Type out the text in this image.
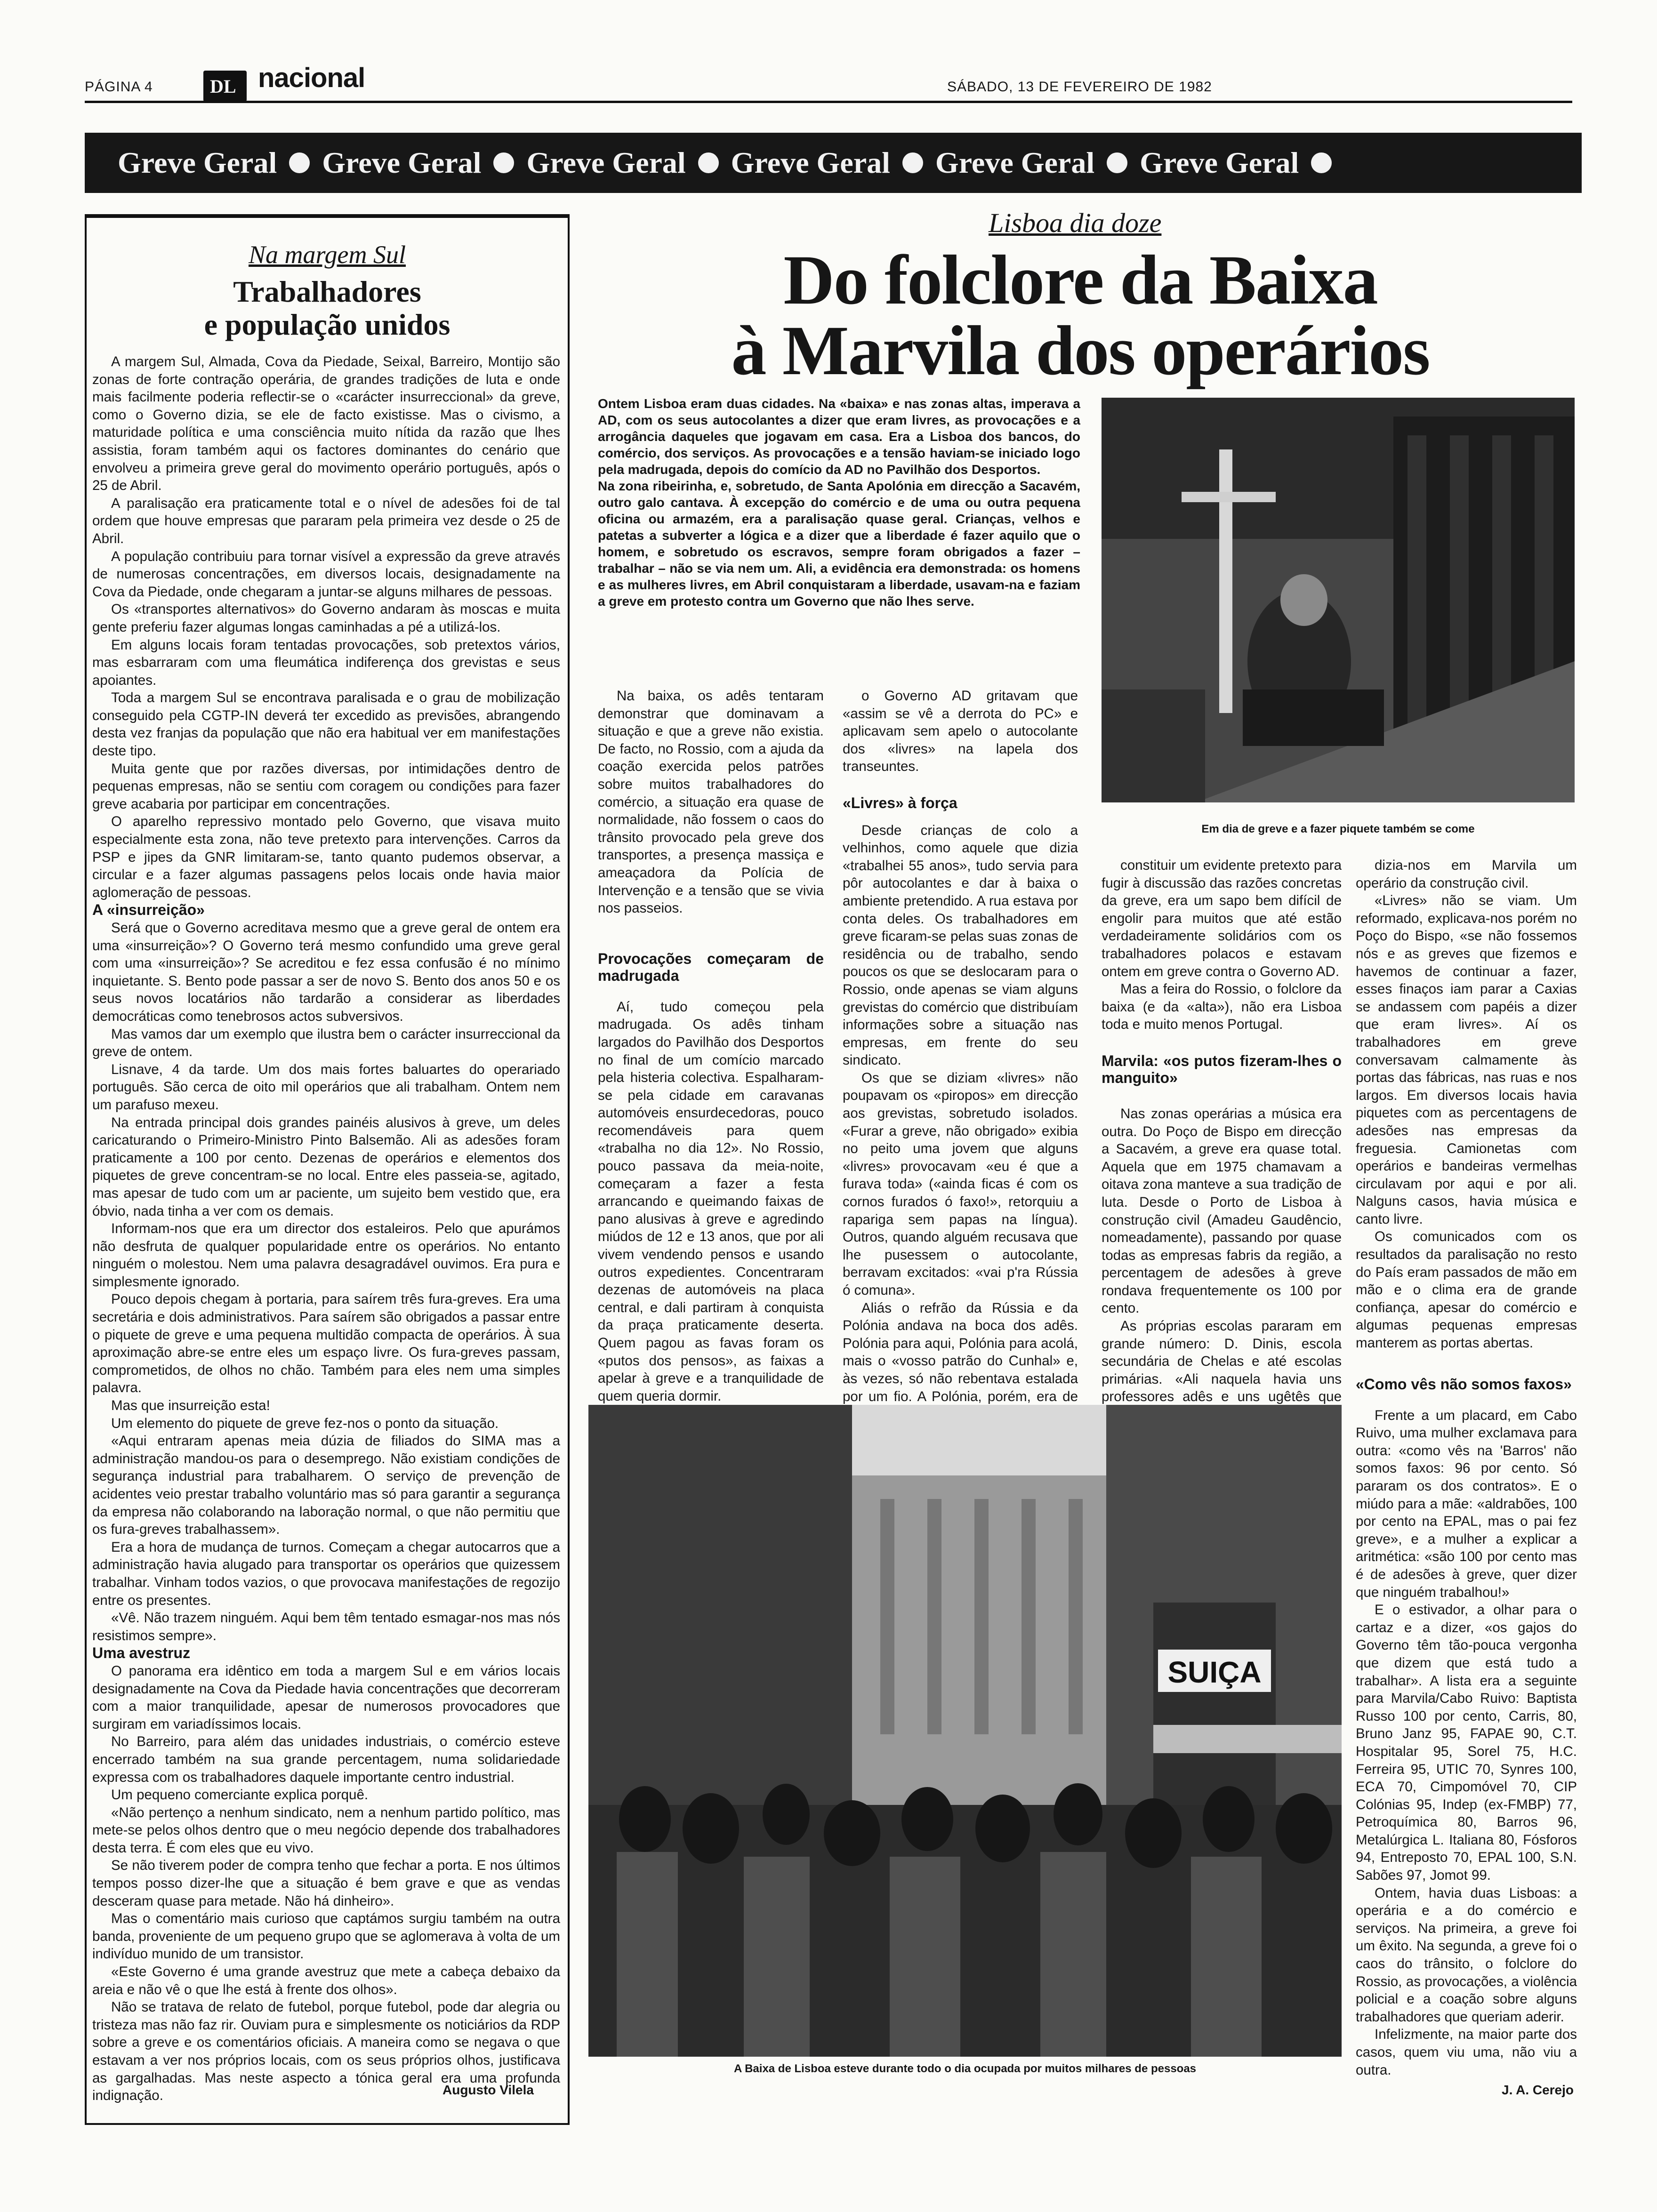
PÁGINA 4	DL nacional	SÁBADO, 13 DE FEVEREIRO DE 1982
Greve Geral Greve Geral Greve Geral Greve Geral Greve Geral Greve Geral
Na margem Sul
Trabalhadores
e população unidos

A margem Sul, Almada, Cova da Piedade, Seixal, Barreiro, Montijo são zonas de forte contração operária, de grandes tradições de luta e onde mais facilmente poderia reflectir-se o «carácter insurreccional» da greve, como o Governo dizia, se ele de facto existisse. Mas o civismo, a maturidade política e uma consciência muito nítida da razão que lhes assistia, foram também aqui os factores dominantes do cenário que envolveu a primeira greve geral do movimento operário português, após o 25 de Abril.

A paralisação era praticamente total e o nível de adesões foi de tal ordem que houve empresas que pararam pela primeira vez desde o 25 de Abril.

A população contribuiu para tornar visível a expressão da greve através de numerosas concentrações, em diversos locais, designadamente na Cova da Piedade, onde chegaram a juntar-se alguns milhares de pessoas.

Os «transportes alternativos» do Governo andaram às moscas e muita gente preferiu fazer algumas longas caminhadas a pé a utilizá-los.

Em alguns locais foram tentadas provocações, sob pretextos vários, mas esbarraram com uma fleumática indiferença dos grevistas e seus apoiantes.

Toda a margem Sul se encontrava paralisada e o grau de mobilização conseguido pela CGTP-IN deverá ter excedido as previsões, abrangendo desta vez franjas da população que não era habitual ver em manifestações deste tipo.

Muita gente que por razões diversas, por intimidações dentro de pequenas empresas, não se sentiu com coragem ou condições para fazer greve acabaria por participar em concentrações.

O aparelho repressivo montado pelo Governo, que visava muito especialmente esta zona, não teve pretexto para intervenções. Carros da PSP e jipes da GNR limitaram-se, tanto quanto pudemos observar, a circular e a fazer algumas passagens pelos locais onde havia maior aglomeração de pessoas.

A «insurreição»

Será que o Governo acreditava mesmo que a greve geral de ontem era uma «insurreição»? O Governo terá mesmo confundido uma greve geral com uma «insurreição»? Se acreditou e fez essa confusão é no mínimo inquietante. S. Bento pode passar a ser de novo S. Bento dos anos 50 e os seus novos locatários não tardarão a considerar as liberdades democráticas como tenebrosos actos subversivos.

Mas vamos dar um exemplo que ilustra bem o carácter insurreccional da greve de ontem.

Lisnave, 4 da tarde. Um dos mais fortes baluartes do operariado português. São cerca de oito mil operários que ali trabalham. Ontem nem um parafuso mexeu.

Na entrada principal dois grandes painéis alusivos à greve, um deles caricaturando o Primeiro-Ministro Pinto Balsemão. Ali as adesões foram praticamente a 100 por cento. Dezenas de operários e elementos dos piquetes de greve concentram-se no local. Entre eles passeia-se, agitado, mas apesar de tudo com um ar paciente, um sujeito bem vestido que, era óbvio, nada tinha a ver com os demais.

Informam-nos que era um director dos estaleiros. Pelo que apurámos não desfruta de qualquer popularidade entre os operários. No entanto ninguém o molestou. Nem uma palavra desagradável ouvimos. Era pura e simplesmente ignorado.

Pouco depois chegam à portaria, para saírem três fura-greves. Era uma secretária e dois administrativos. Para saírem são obrigados a passar entre o piquete de greve e uma pequena multidão compacta de operários. À sua aproximação abre-se entre eles um espaço livre. Os fura-greves passam, comprometidos, de olhos no chão. Também para eles nem uma simples palavra.

Mas que insurreição esta!

Um elemento do piquete de greve fez-nos o ponto da situação.

«Aqui entraram apenas meia dúzia de filiados do SIMA mas a administração mandou-os para o desemprego. Não existiam condições de segurança industrial para trabalharem. O serviço de prevenção de acidentes veio prestar trabalho voluntário mas só para garantir a segurança da empresa não colaborando na laboração normal, o que não permitiu que os fura-greves trabalhassem».

Era a hora de mudança de turnos. Começam a chegar autocarros que a administração havia alugado para transportar os operários que quizessem trabalhar. Vinham todos vazios, o que provocava manifestações de regozijo entre os presentes.

«Vê. Não trazem ninguém. Aqui bem têm tentado esmagar-nos mas nós resistimos sempre».

Uma avestruz

O panorama era idêntico em toda a margem Sul e em vários locais designadamente na Cova da Piedade havia concentrações que decorreram com a maior tranquilidade, apesar de numerosos provocadores que surgiram em variadíssimos locais.

No Barreiro, para além das unidades industriais, o comércio esteve encerrado também na sua grande percentagem, numa solidariedade expressa com os trabalhadores daquele importante centro industrial.

Um pequeno comerciante explica porquê.

«Não pertenço a nenhum sindicato, nem a nenhum partido político, mas mete-se pelos olhos dentro que o meu negócio depende dos trabalhadores desta terra. É com eles que eu vivo.

Se não tiverem poder de compra tenho que fechar a porta. E nos últimos tempos posso dizer-lhe que a situação é bem grave e que as vendas desceram quase para metade. Não há dinheiro».

Mas o comentário mais curioso que captámos surgiu também na outra banda, proveniente de um pequeno grupo que se aglomerava à volta de um indivíduo munido de um transistor.

«Este Governo é uma grande avestruz que mete a cabeça debaixo da areia e não vê o que lhe está à frente dos olhos».

Não se tratava de relato de futebol, porque futebol, pode dar alegria ou tristeza mas não faz rir. Ouviam pura e simplesmente os noticiários da RDP sobre a greve e os comentários oficiais. A maneira como se negava o que estavam a ver nos próprios locais, com os seus próprios olhos, justificava as gargalhadas. Mas neste aspecto a tónica geral era uma profunda indignação.	Augusto Vilela
Lisboa dia doze
Do folclore da Baixa
à Marvila dos operários

Ontem Lisboa eram duas cidades. Na «baixa» e nas zonas altas, imperava a AD, com os seus autocolantes a dizer que eram livres, as provocações e a arrogância daqueles que jogavam em casa. Era a Lisboa dos bancos, do comércio, dos serviços. As provocações e a tensão haviam-se iniciado logo pela madrugada, depois do comício da AD no Pavilhão dos Desportos.

Na zona ribeirinha, e, sobretudo, de Santa Apolónia em direcção a Sacavém, outro galo cantava. À excepção do comércio e de uma ou outra pequena oficina ou armazém, era a paralisação quase geral. Crianças, velhos e patetas a subverter a lógica e a dizer que a liberdade é fazer aquilo que o homem, e sobretudo os escravos, sempre foram obrigados a fazer – trabalhar – não se via nem um. Ali, a evidência era demonstrada: os homens e as mulheres livres, em Abril conquistaram a liberdade, usavam-na e faziam a greve em protesto contra um Governo que não lhes serve.

Em dia de greve e a fazer piquete também se come

Na baixa, os adês tentaram demonstrar que dominavam a situação e que a greve não existia. De facto, no Rossio, com a ajuda da coação exercida pelos patrões sobre muitos trabalhadores do comércio, a situação era quase de normalidade, não fossem o caos do trânsito provocado pela greve dos transportes, a presença massiça e ameaçadora da Polícia de Intervenção e a tensão que se vivia nos passeios.

Provocações começaram de madrugada

Aí, tudo começou pela madrugada. Os adês tinham largados do Pavilhão dos Desportos no final de um comício marcado pela histeria colectiva. Espalharam-se pela cidade em caravanas automóveis ensurdecedoras, pouco recomendáveis para quem «trabalha no dia 12». No Rossio, pouco passava da meia-noite, começaram a fazer a festa arrancando e queimando faixas de pano alusivas à greve e agredindo miúdos de 12 e 13 anos, que por ali vivem vendendo pensos e usando outros expedientes. Concentraram dezenas de automóveis na placa central, e dali partiram à conquista da praça praticamente deserta. Quem pagou as favas foram os «putos dos pensos», as faixas a apelar à greve e a tranquilidade de quem queria dormir.

o Governo AD gritavam que «assim se vê a derrota do PC» e aplicavam sem apelo o autocolante dos «livres» na lapela dos transeuntes.

«Livres» à força

Desde crianças de colo a velhinhos, como aquele que dizia «trabalhei 55 anos», tudo servia para pôr autocolantes e dar à baixa o ambiente pretendido. A rua estava por conta deles. Os trabalhadores em greve ficaram-se pelas suas zonas de residência ou de trabalho, sendo poucos os que se deslocaram para o Rossio, onde apenas se viam alguns grevistas do comércio que distribuíam informações sobre a situação nas empresas, em frente do seu sindicato.

Os que se diziam «livres» não poupavam os «piropos» em direcção aos grevistas, sobretudo isolados. «Furar a greve, não obrigado» exibia no peito uma jovem que alguns «livres» provocavam «eu é que a furava toda» («ainda ficas é com os cornos furados ó faxo!», retorquiu a rapariga sem papas na língua). Outros, quando alguém recusava que lhe pusessem o autocolante, berravam excitados: «vai p'ra Rússia ó comuna».

Aliás o refrão da Rússia e da Polónia andava na boca dos adês. Polónia para aqui, Polónia para acolá, mais o «vosso patrão do Cunhal» e, às vezes, só não rebentava estalada por um fio. A Polónia, porém, era de

constituir um evidente pretexto para fugir à discussão das razões concretas da greve, era um sapo bem difícil de engolir para muitos que até estão verdadeiramente solidários com os trabalhadores polacos e estavam ontem em greve contra o Governo AD.

Mas a feira do Rossio, o folclore da baixa (e da «alta»), não era Lisboa toda e muito menos Portugal.

Marvila: «os putos fizeram-lhes o manguito»

Nas zonas operárias a música era outra. Do Poço de Bispo em direcção a Sacavém, a greve era quase total. Aquela que em 1975 chamavam a oitava zona manteve a sua tradição de luta. Desde o Porto de Lisboa à construção civil (Amadeu Gaudêncio, nomeadamente), passando por quase todas as empresas fabris da região, a percentagem de adesões à greve rondava frequentemente os 100 por cento.

As próprias escolas pararam em grande número: D. Dinis, escola secundária de Chelas e até escolas primárias. «Ali naquela havia uns professores adês e uns ugêtês que

dizia-nos em Marvila um operário da construção civil.

«Livres» não se viam. Um reformado, explicava-nos porém no Poço do Bispo, «se não fossemos nós e as greves que fizemos e havemos de continuar a fazer, esses finaços iam parar a Caxias se andassem com papéis a dizer que eram livres». Aí os trabalhadores em greve conversavam calmamente às portas das fábricas, nas ruas e nos largos. Em diversos locais havia piquetes com as percentagens de adesões nas empresas da freguesia. Camionetas com operários e bandeiras vermelhas circulavam por aqui e por ali. Nalguns casos, havia música e canto livre.

Os comunicados com os resultados da paralisação no resto do País eram passados de mão em mão e o clima era de grande confiança, apesar do comércio e algumas pequenas empresas manterem as portas abertas.

«Como vês não somos faxos»

Frente a um placard, em Cabo Ruivo, uma mulher exclamava para outra: «como vês na 'Barros' não somos faxos: 96 por cento. Só pararam os dos contratos». E o miúdo para a mãe: «aldrabões, 100 por cento na EPAL, mas o pai fez greve», e a mulher a explicar a aritmética: «são 100 por cento mas é de adesões à greve, quer dizer que ninguém trabalhou!»

E o estivador, a olhar para o cartaz e a dizer, «os gajos do Governo têm tão-pouca vergonha que dizem que está tudo a trabalhar». A lista era a seguinte para Marvila/Cabo Ruivo: Baptista Russo 100 por cento, Carris, 80, Bruno Janz 95, FAPAE 90, C.T. Hospitalar 95, Sorel 75, H.C. Ferreira 95, UTIC 70, Synres 100, ECA 70, Cimpomóvel 70, CIP Colónias 95, Indep (ex-FMBP) 77, Petroquímica 80, Barros 96, Metalúrgica L. Italiana 80, Fósforos 94, Entreposto 70, EPAL 100, S.N. Sabões 97, Jomot 99.

Ontem, havia duas Lisboas: a operária e a do comércio e serviços. Na primeira, a greve foi um êxito. Na segunda, a greve foi o caos do trânsito, o folclore do Rossio, as provocações, a violência policial e a coação sobre alguns trabalhadores que queriam aderir.

Infelizmente, na maior parte dos casos, quem viu uma, não viu a outra.

SUIÇA
A Baixa de Lisboa esteve durante todo o dia ocupada por muitos milhares de pessoas
J. A. Cerejo
